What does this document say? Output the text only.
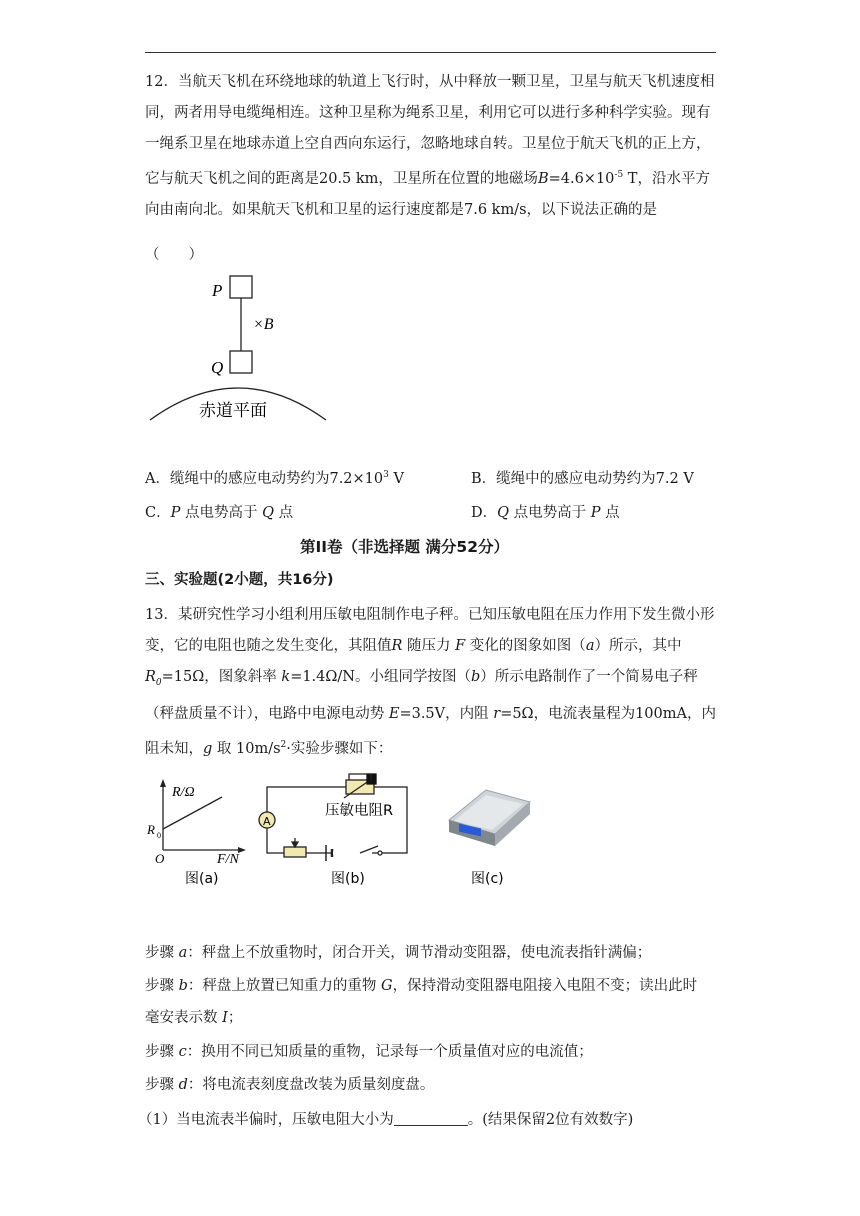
12．当航天飞机在环绕地球的轨道上飞行时，从中释放一颗卫星，卫星与航天飞机速度相同，两者用导电缆绳相连。这种卫星称为绳系卫星，利用它可以进行多种科学实验。现有一绳系卫星在地球赤道上空自西向东运行，忽略地球自转。卫星位于航天飞机的正上方，它与航天飞机之间的距离是20.5 km，卫星所在位置的地磁场$B=4.6\times 10^{-5}$ T，沿水平方向由南向北。如果航天飞机和卫星的运行速度都是7.6 km/s，以下说法正确的是
（　　）
P
Q
×B
赤道平面
A．缆绳中的感应电动势约为$7.2\times 10^3$ V	B．缆绳中的感应电动势约为7.2 V
C．P 点电势高于 Q 点	D．Q 点电势高于 P 点
第II卷（非选择题 满分52分）
三、实验题(2小题，共16分)
13．某研究性学习小组利用压敏电阻制作电子秤。已知压敏电阻在压力作用下发生微小形变，它的电阻也随之发生变化，其阻值R 随压力 F 变化的图象如图（a）所示，其中$R_0=15\Omega$，图象斜率 k=1.4Ω/N。小组同学按图（b）所示电路制作了一个简易电子秤（秤盘质量不计），电路中电源电动势 E=3.5V，内阻 r=5Ω，电流表量程为100mA，内阻未知，g 取 $10m/s^2\cdot$实验步骤如下：
R/Ω
R 0
O	F/N
图(a)
A
压敏电阻R
图(b)	图(c)
步骤 a：秤盘上不放重物时，闭合开关，调节滑动变阻器，使电流表指针满偏；
步骤 b：秤盘上放置已知重力的重物 G，保持滑动变阻器电阻接入电阻不变；读出此时
毫安表示数 I；
步骤 c：换用不同已知质量的重物，记录每一个质量值对应的电流值；
步骤 d：将电流表刻度盘改装为质量刻度盘。
（1）当电流表半偏时，压敏电阻大小为	。(结果保留2位有效数字)
